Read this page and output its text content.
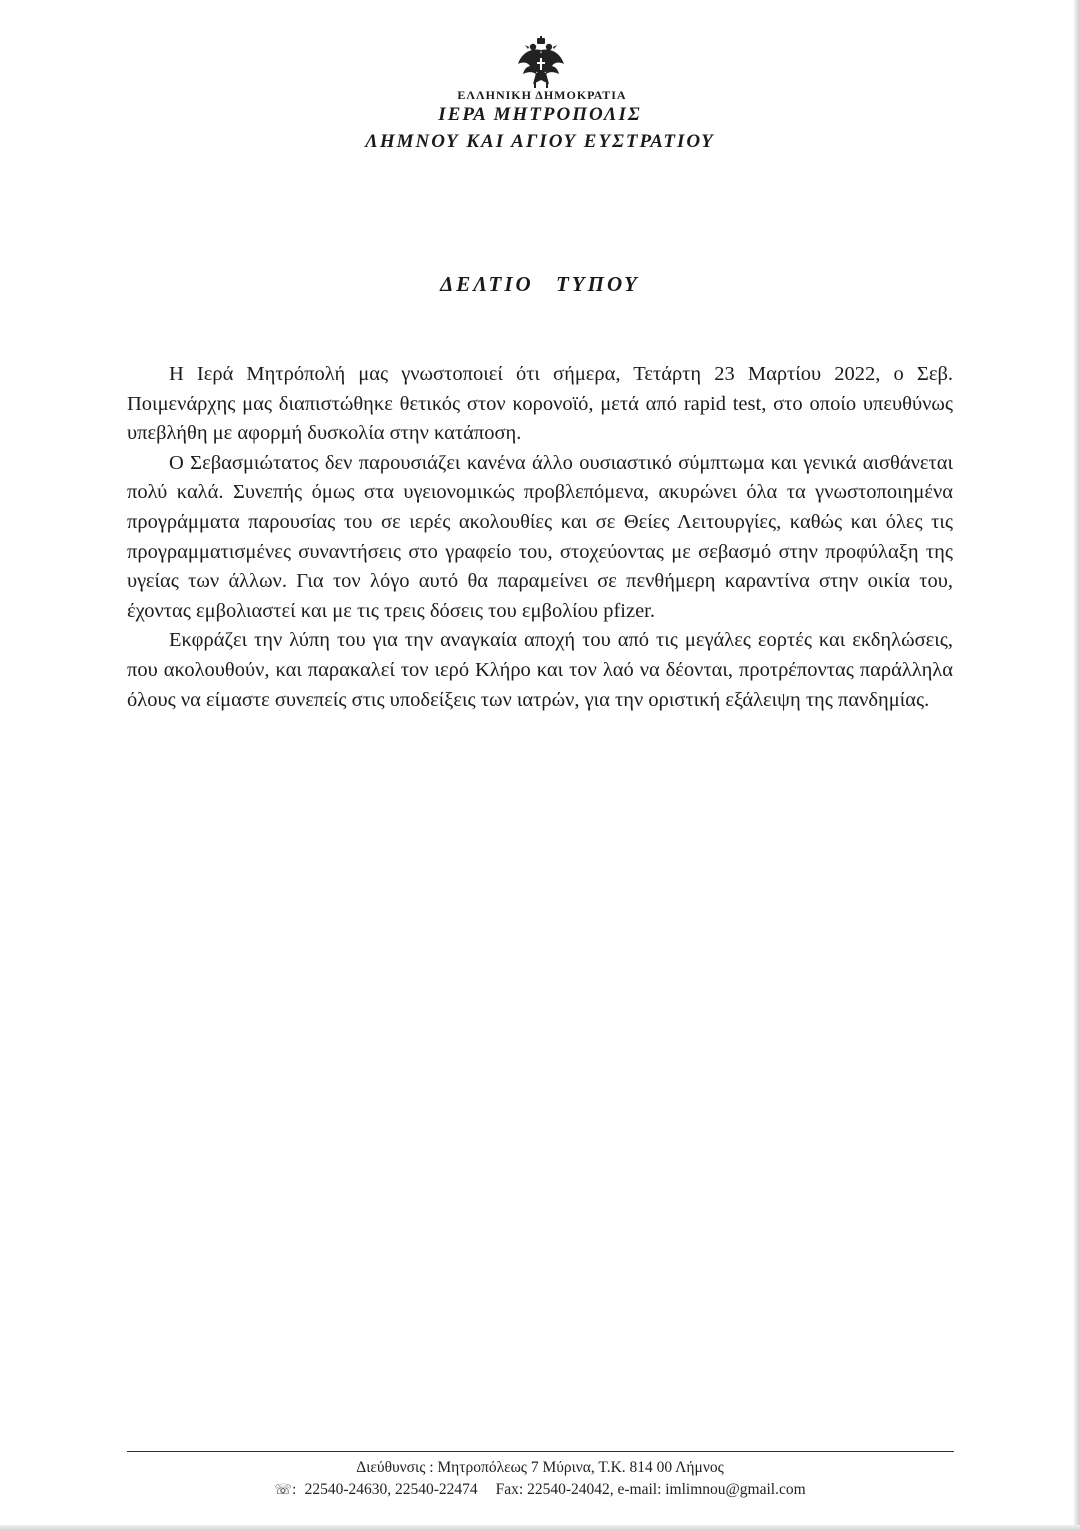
ΕΛΛΗΝΙΚΗ ΔΗΜΟΚΡΑΤΙΑ
ΙΕΡΑ ΜΗΤΡΟΠΟΛΙΣ
ΛΗΜΝΟΥ ΚΑΙ ΑΓΙΟΥ ΕΥΣΤΡΑΤΙΟΥ
ΔΕΛΤΙΟ ΤΥΠΟΥ

Η Ιερά Μητρόπολή μας γνωστοποιεί ότι σήμερα, Τετάρτη 23 Μαρτίου 2022, ο Σεβ. Ποιμενάρχης μας διαπιστώθηκε θετικός στον κορονοϊό, μετά από rapid test, στο οποίο υπευθύνως υπεβλήθη με αφορμή δυσκολία στην κατάποση.

Ο Σεβασμιώτατος δεν παρουσιάζει κανένα άλλο ουσιαστικό σύμπτωμα και γενικά αισθάνεται πολύ καλά. Συνεπής όμως στα υγειονομικώς προβλεπόμενα, ακυρώνει όλα τα γνωστοποιημένα προγράμματα παρουσίας του σε ιερές ακολουθίες και σε Θείες Λειτουργίες, καθώς και όλες τις προγραμματισμένες συναντήσεις στο γραφείο του, στοχεύοντας με σεβασμό στην προφύλαξη της υγείας των άλλων. Για τον λόγο αυτό θα παραμείνει σε πενθήμερη καραντίνα στην οικία του, έχοντας εμβολιαστεί και με τις τρεις δόσεις του εμβολίου pfizer.

Εκφράζει την λύπη του για την αναγκαία αποχή του από τις μεγάλες εορτές και εκδηλώσεις, που ακολουθούν, και παρακαλεί τον ιερό Κλήρο και τον λαό να δέονται, προτρέποντας παράλληλα όλους να είμαστε συνεπείς στις υποδείξεις των ιατρών, για την οριστική εξάλειψη της πανδημίας.

Διεύθυνσις : Μητροπόλεως 7 Μύρινα, Τ.Κ. 814 00 Λήμνος
☏: 22540-24630, 22540-22474 Fax: 22540-24042, e-mail: imlimnou@gmail.com
